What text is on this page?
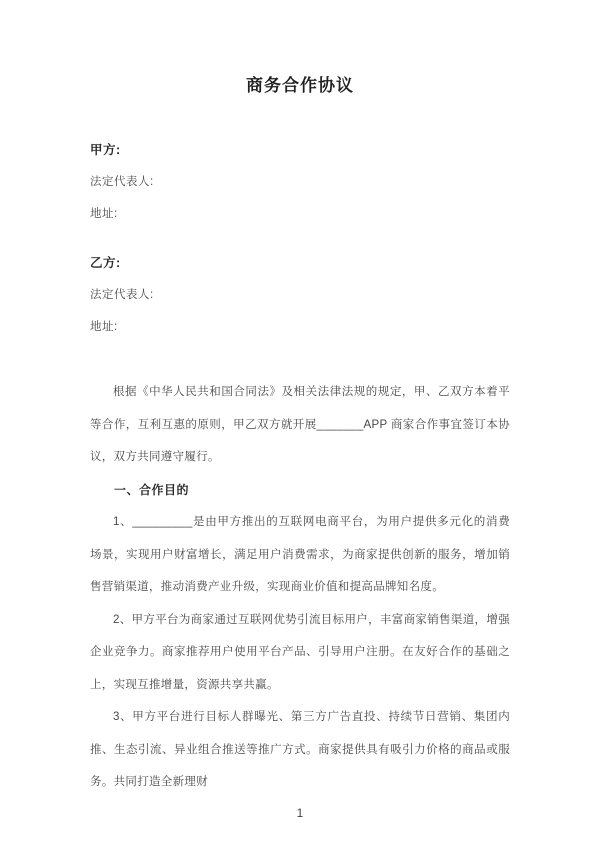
商务合作协议

甲方:

法定代表人:

地址:

乙方:

法定代表人:

地址:

根据《中华人民共和国合同法》及相关法律法规的规定，甲、乙双方本着平等合作，互利互惠的原则，甲乙双方就开展_______APP 商家合作事宜签订本协议，双方共同遵守履行。

一、合作目的

1、_________是由甲方推出的互联网电商平台，为用户提供多元化的消费场景，实现用户财富增长，满足用户消费需求，为商家提供创新的服务，增加销售营销渠道，推动消费产业升级，实现商业价值和提高品牌知名度。

2、甲方平台为商家通过互联网优势引流目标用户，丰富商家销售渠道，增强企业竞争力。商家推荐用户使用平台产品、引导用户注册。在友好合作的基础之上，实现互推增量，资源共享共赢。

3、甲方平台进行目标人群曝光、第三方广告直投、持续节日营销、集团内推、生态引流、异业组合推送等推广方式。商家提供具有吸引力价格的商品或服务。共同打造全新理财

1
